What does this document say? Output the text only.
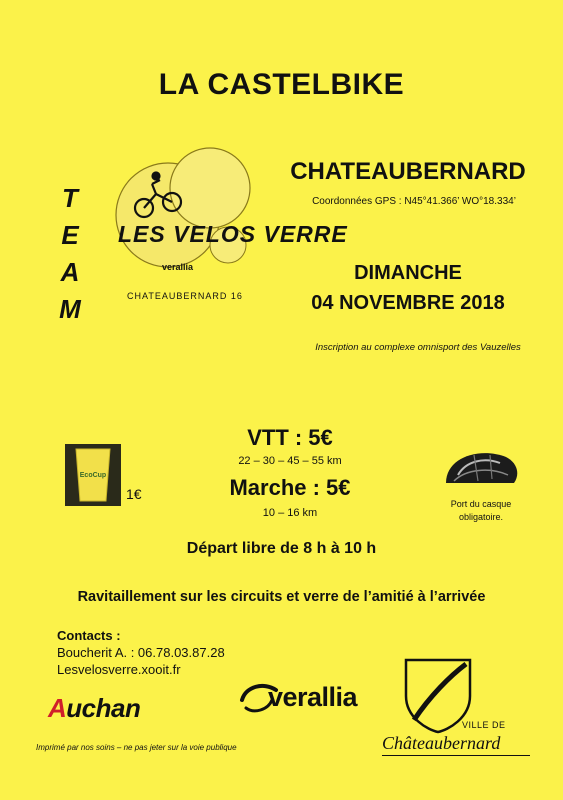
LA CASTELBIKE
T
E
A
M
LES VELOS VERRE
verallia
CHATEAUBERNARD 16
CHATEAUBERNARD
Coordonnées GPS : N45°41.366’ WO°18.334’
DIMANCHE
04 NOVEMBRE 2018
Inscription au complexe omnisport des Vauzelles
VTT : 5€
22 – 30 – 45 – 55 km
Marche : 5€
10 – 16 km
EcoCup
1€
Port du casque
obligatoire.
Départ libre de 8 h à 10 h
Ravitaillement sur les circuits et verre de l’amitié à l’arrivée
Contacts :
Boucherit A. : 06.78.03.87.28
Lesvelosverre.xooit.fr
Auchan	verallia
VILLE DE
Châteaubernard
Imprimé par nos soins – ne pas jeter sur la voie publique
